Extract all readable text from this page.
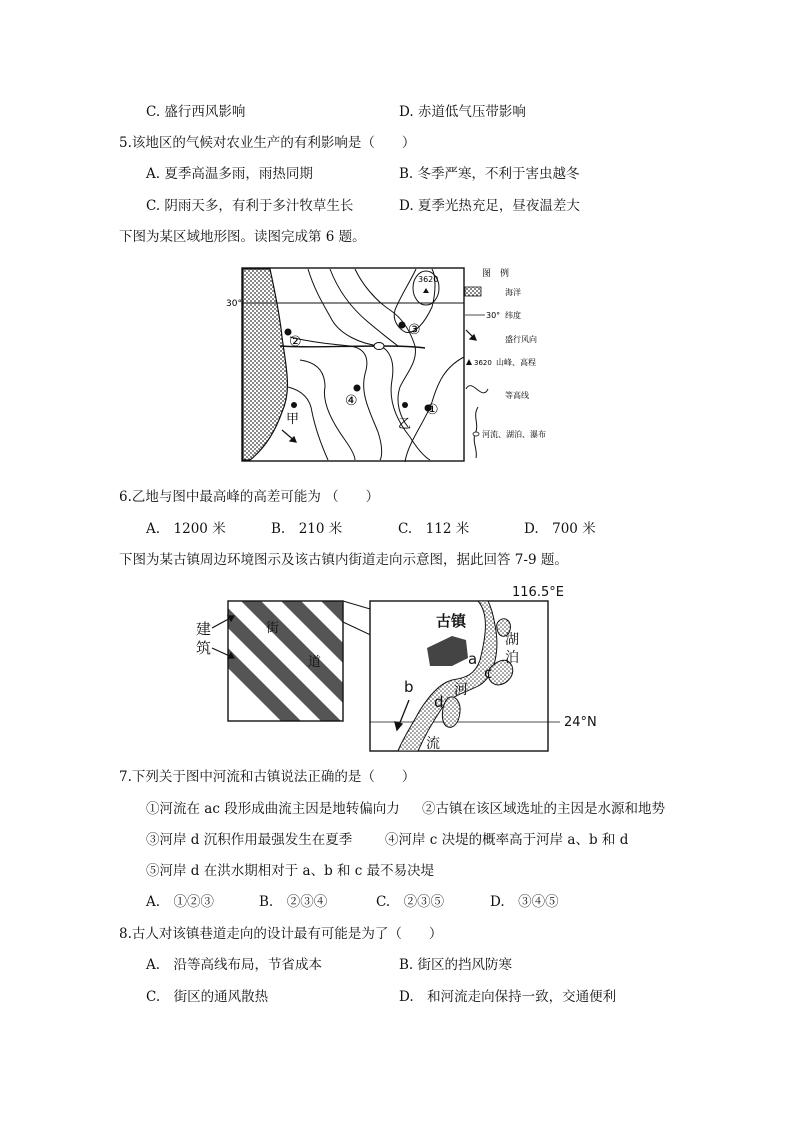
C. 盛行西风影响	D. 赤道低气压带影响
5.该地区的气候对农业生产的有利影响是（　　）
A. 夏季高温多雨，雨热同期	B. 冬季严寒，不利于害虫越冬
C. 阴雨天多，有利于多汁牧草生长	D. 夏季光热充足，昼夜温差大
下图为某区域地形图。读图完成第 6 题。
30°
3620
②
③
④
①
甲	乙
图　例
海洋
30° 纬度
盛行风向
3620 山峰、高程
等高线
河流、湖泊、瀑布
6.乙地与图中最高峰的高差可能为 （　　）
A.　1200 米	B.　210 米	C.　112 米	D.　700 米
下图为某古镇周边环境图示及该古镇内街道走向示意图，据此回答 7-9 题。
街
道
建
筑
古镇
湖
泊
河
流
a
b
c
d
116.5°E
24°N
7.下列关于图中河流和古镇说法正确的是（　　）
①河流在 ac 段形成曲流主因是地转偏向力 ②古镇在该区域选址的主因是水源和地势
③河岸 d 沉积作用最强发生在夏季 ④河岸 c 决堤的概率高于河岸 a、b 和 d
⑤河岸 d 在洪水期相对于 a、b 和 c 最不易决堤
A.　①②③	B.　②③④	C.　②③⑤	D.　③④⑤
8.古人对该镇巷道走向的设计最有可能是为了（　　）
A.　沿等高线布局，节省成本	B. 街区的挡风防寒
C.　街区的通风散热	D.　和河流走向保持一致，交通便利
